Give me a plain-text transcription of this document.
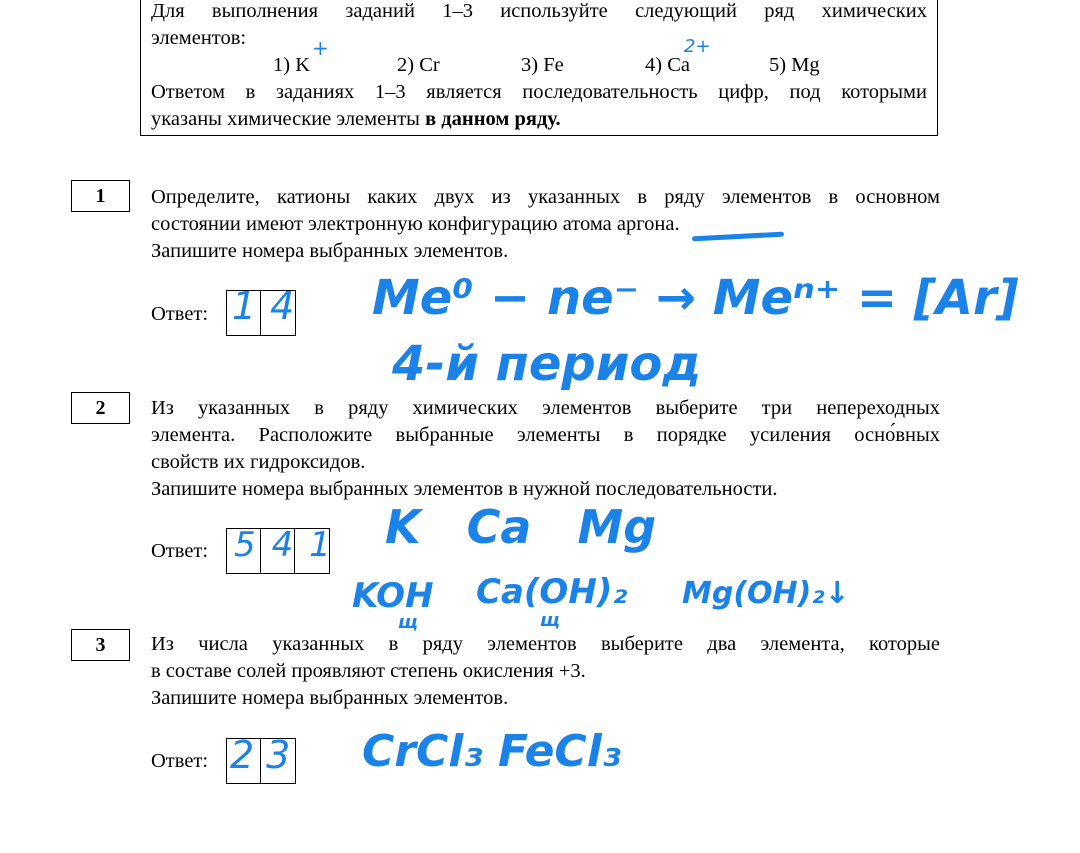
Для выполнения заданий 1–3 используйте следующий ряд химических

элементов:

1) K	2) Cr	3) Fe	4) Ca	5) Mg

Ответом в заданиях 1–3 является последовательность цифр, под которыми

указаны химические элементы в данном ряду.

+	2+
1	Определите, катионы каких двух из указанных в ряду элементов в основном

состоянии имеют электронную конфигурацию атома аргона.

Запишите номера выбранных элементов.

Ответ: 14 Me⁰ − ne⁻ → Meⁿ⁺ = [Ar]
4-й период
2	Из указанных в ряду химических элементов выберите три непереходных

элемента. Расположите выбранные элементы в порядке усиления осно́вных

свойств их гидроксидов.

Запишите номера выбранных элементов в нужной последовательности.

Ответ: 541 K Ca Mg
KOH Ca(OH)₂ Mg(OH)₂↓
щ	щ
3	Из числа указанных в ряду элементов выберите два элемента, которые

в составе солей проявляют степень окисления +3.

Запишите номера выбранных элементов.

Ответ: 23 CrCl₃ FeCl₃
